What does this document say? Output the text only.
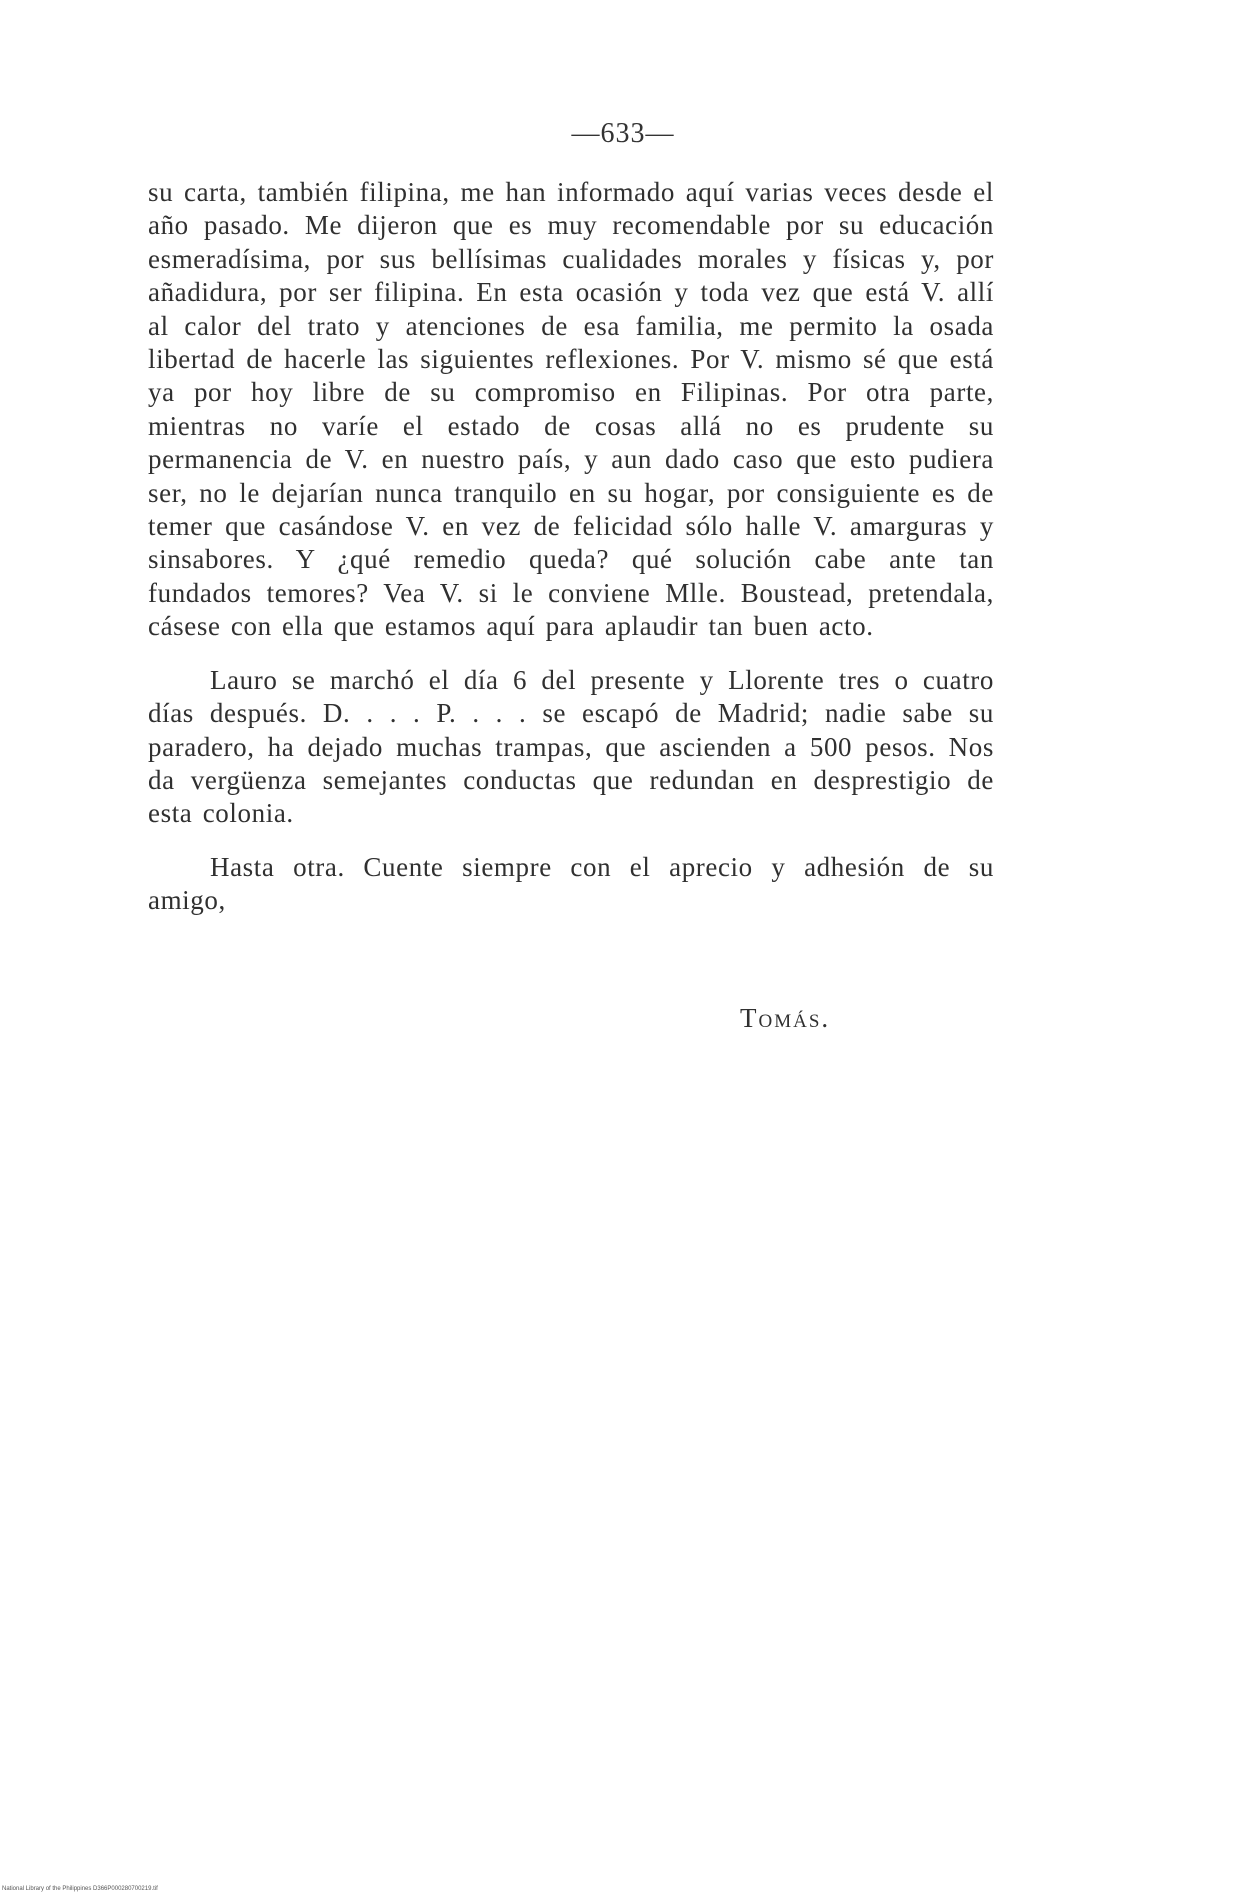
—633—

su carta, también filipina, me han informado aquí varias veces desde el año pasado. Me dijeron que es muy recomendable por su educación esmeradísima, por sus bellísimas cualidades morales y físicas y, por añadidura, por ser filipina. En esta ocasión y toda vez que está V. allí al calor del trato y atenciones de esa familia, me permito la osada libertad de hacerle las siguientes reflexiones. Por V. mismo sé que está ya por hoy libre de su compromiso en Filipinas. Por otra parte, mientras no varíe el estado de cosas allá no es prudente su permanencia de V. en nuestro país, y aun dado caso que esto pudiera ser, no le dejarían nunca tranquilo en su hogar, por consiguiente es de temer que casándose V. en vez de felicidad sólo halle V. amarguras y sinsabores. Y ¿qué remedio queda? qué solución cabe ante tan fundados temores? Vea V. si le conviene Mlle. Boustead, pretendala, cásese con ella que estamos aquí para aplaudir tan buen acto.

Lauro se marchó el día 6 del presente y Llorente tres o cuatro días después. D. . . . P. . . . se escapó de Madrid; nadie sabe su paradero, ha dejado muchas trampas, que ascienden a 500 pesos. Nos da vergüenza semejantes conductas que redundan en desprestigio de esta colonia.

Hasta otra. Cuente siempre con el aprecio y adhesión de su amigo,

Tomás.
National Library of the Philippines D366P000280700219.tif
